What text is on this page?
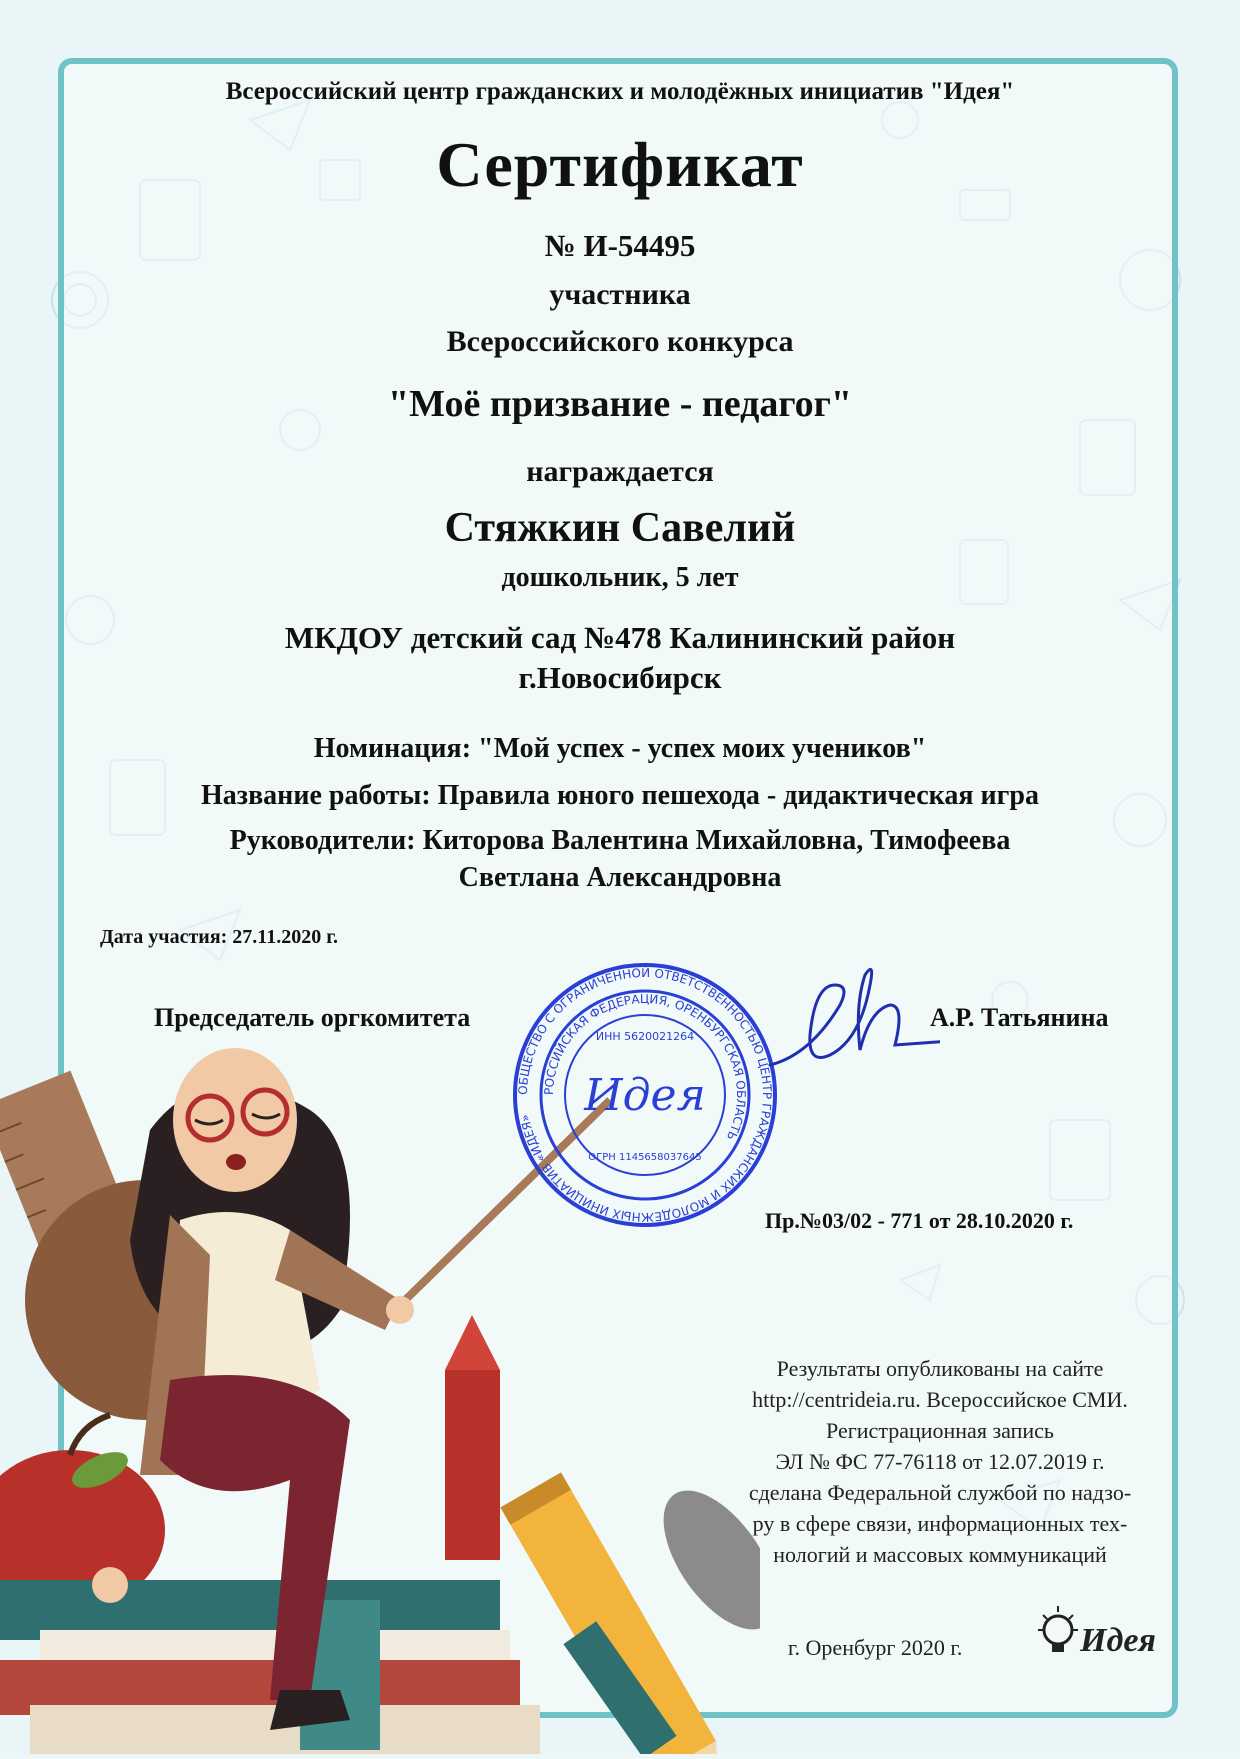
Всероссийский центр гражданских и молодёжных инициатив "Идея"
Сертификат
№ И-54495
участника
Всероссийского конкурса
"Моё призвание - педагог"
награждается
Стяжкин Савелий
дошкольник, 5 лет
МКДОУ детский сад №478 Калининский район
г.Новосибирск
Номинация: "Мой успех - успех моих учеников"
Название работы: Правила юного пешехода - дидактическая игра
Руководители: Киторова Валентина Михайловна, Тимофеева
Светлана Александровна
Дата участия: 27.11.2020 г.
Председатель оргкомитета	А.Р. Татьянина
ОБЩЕСТВО С ОГРАНИЧЕННОЙ ОТВЕТСТВЕННОСТЬЮ ЦЕНТР ГРАЖДАНСКИХ И МОЛОДЁЖНЫХ ИНИЦИАТИВ «ИДЕЯ»
РОССИЙСКАЯ ФЕДЕРАЦИЯ, ОРЕНБУРГСКАЯ ОБЛАСТЬ
ИНН 5620021264
Идея
ОГРН 1145658037645
Пр.№03/02 - 771 от 28.10.2020 г.
Результаты опубликованы на сайте
http://centrideia.ru. Всероссийское СМИ.
Регистрационная запись
ЭЛ № ФС 77-76118 от 12.07.2019 г.
сделана Федеральной службой по надзо-
ру в сфере связи, информационных тех-
нологий и массовых коммуникаций
г. Оренбург 2020 г.	Идея
